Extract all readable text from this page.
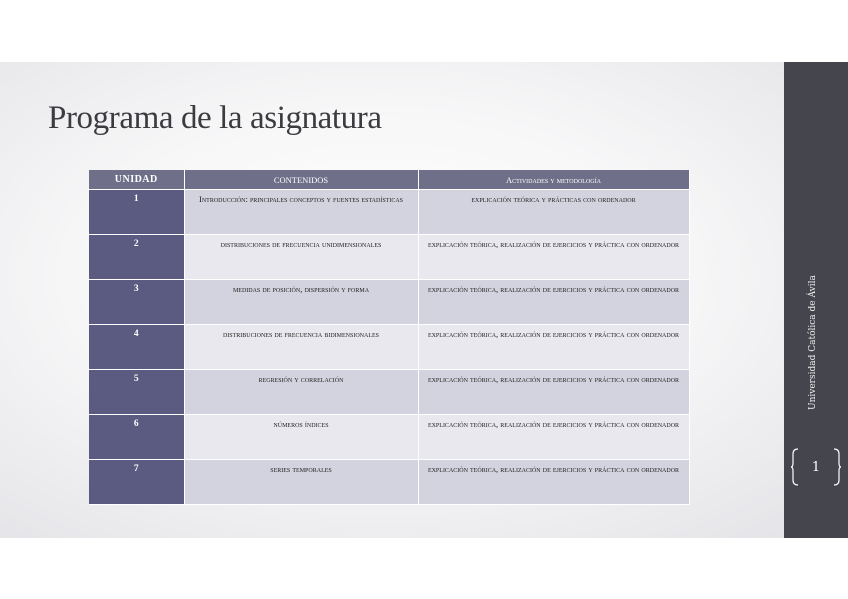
Programa de la asignatura
UNIDAD	CONTENIDOS	Actividades y metodología
1	Introducción: principales conceptos y fuentes estadísticas	explicación teórica y prácticas con ordenador
2	distribuciones de frecuencia unidimensionales	explicación teórica, realización de ejercicios y práctica con ordenador
3	medidas de posición, dispersión y forma	explicación teórica, realización de ejercicios y práctica con ordenador
4	distribuciones de frecuencia bidimensionales	explicación teórica, realización de ejercicios y práctica con ordenador
5	regresión y correlación	explicación teórica, realización de ejercicios y práctica con ordenador
6	números índices	explicación teórica, realización de ejercicios y práctica con ordenador
7	series temporales	explicación teórica, realización de ejercicios y práctica con ordenador
Universidad Católica de Ávila
1
